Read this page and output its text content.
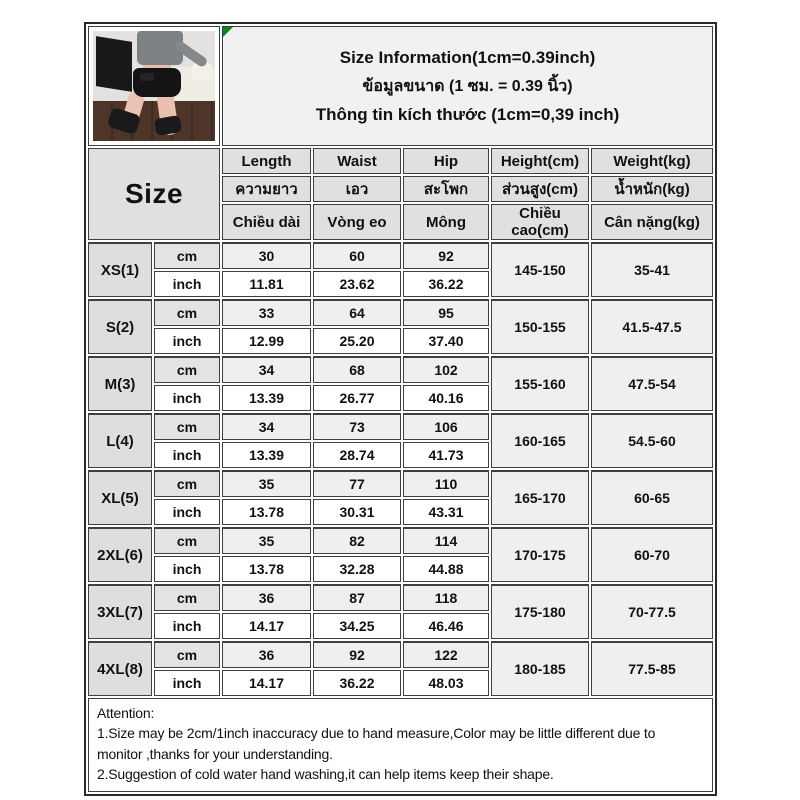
		Size Information(1cm=0.39inch)
ข้อมูลขนาด (1 ซม. = 0.39 นิ้ว)
Thông tin kích thước (1cm=0,39 inch)				

Size		Length	Waist	Hip	Height(cm)	Weight(kg)
		ความยาว	เอว	สะโพก	ส่วนสูง(cm)	น้ำหนัก(kg)
		Chiều dài	Vòng eo	Mông	Chiều cao(cm)	Cân nặng(kg)
XS(1)	cm	30	60	92	145-150	35-41
	inch	11.81	23.62	36.22		
S(2)	cm	33	64	95	150-155	41.5-47.5
	inch	12.99	25.20	37.40		
M(3)	cm	34	68	102	155-160	47.5-54
	inch	13.39	26.77	40.16		
L(4)	cm	34	73	106	160-165	54.5-60
	inch	13.39	28.74	41.73		
XL(5)	cm	35	77	110	165-170	60-65
	inch	13.78	30.31	43.31		
2XL(6)	cm	35	82	114	170-175	60-70
	inch	13.78	32.28	44.88		
3XL(7)	cm	36	87	118	175-180	70-77.5
	inch	14.17	34.25	46.46		
4XL(8)	cm	36	92	122	180-185	77.5-85
	inch	14.17	36.22	48.03		

Attention:
1.Size may be 2cm/1inch inaccuracy due to hand measure,Color may be little different due to monitor ,thanks for your understanding.
2.Suggestion of cold water hand washing,it can help items keep their shape.						
